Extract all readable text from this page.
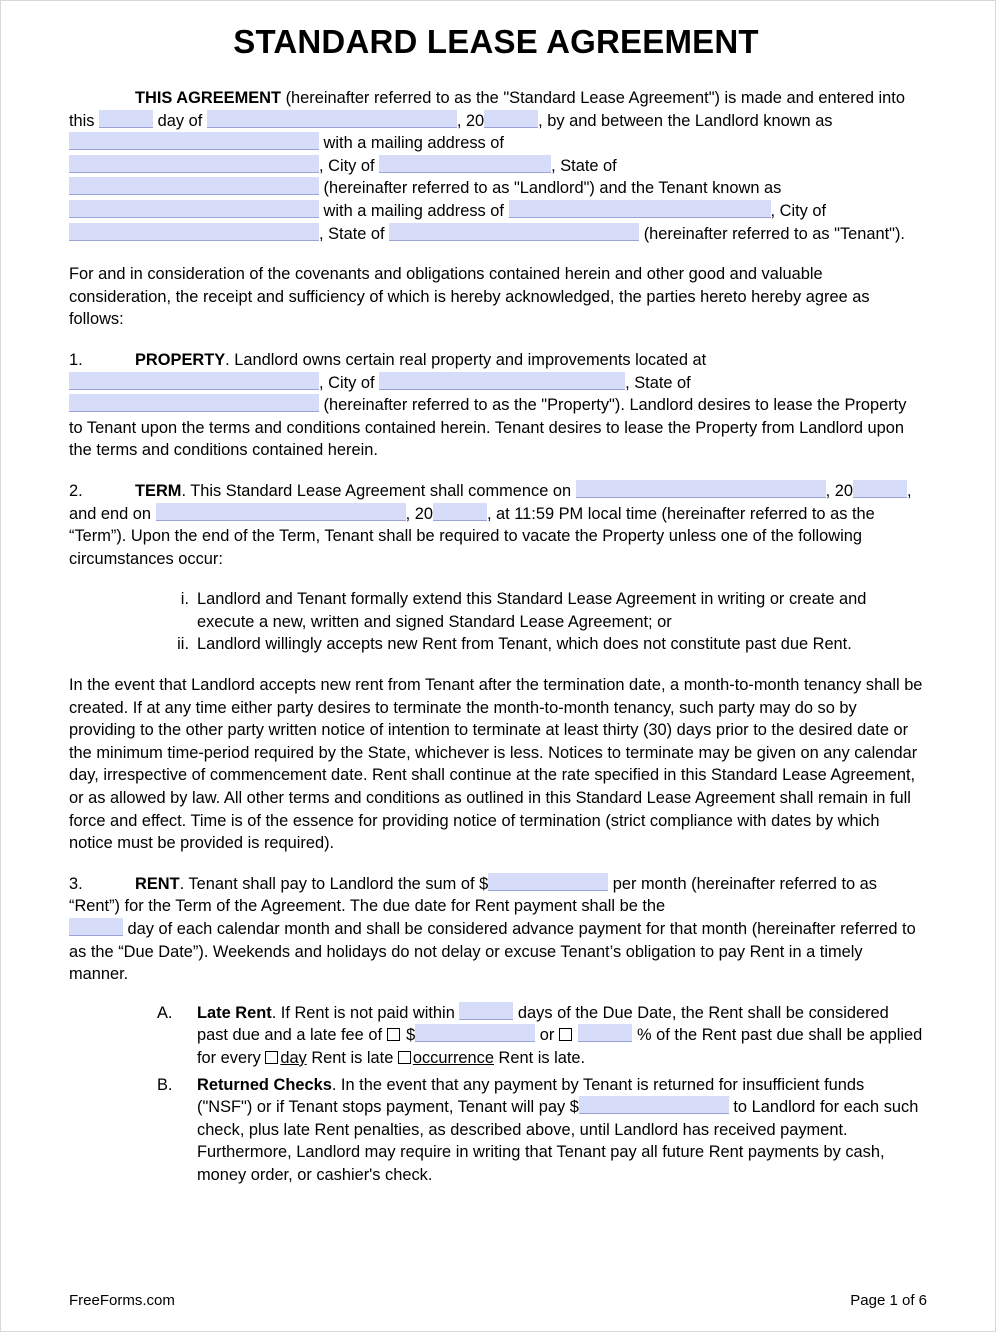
STANDARD LEASE AGREEMENT

THIS AGREEMENT (hereinafter referred to as the "Standard Lease Agreement") is made and entered into this	day of	, 20	, by and between the Landlord known as  with a mailing address of
, City of	, State of
(hereinafter referred to as "Landlord") and the Tenant known as
with a mailing address of	, City of
, State of	(hereinafter referred to as "Tenant").

For and in consideration of the covenants and obligations contained herein and other good and valuable consideration, the receipt and sufficiency of which is hereby acknowledged, the parties hereto hereby agree as follows:

1.	PROPERTY. Landlord owns certain real property and improvements located at
, City of	, State of
(hereinafter referred to as the "Property"). Landlord desires to lease the Property to Tenant upon the terms and conditions contained herein. Tenant desires to lease the Property from Landlord upon the terms and conditions contained herein.

2.	TERM. This Standard Lease Agreement shall commence on	, 20	, and end on	, 20	, at 11:59 PM local time (hereinafter referred to as the “Term”). Upon the end of the Term, Tenant shall be required to vacate the Property unless one of the following circumstances occur:

i. Landlord and Tenant formally extend this Standard Lease Agreement in writing or create and execute a new, written and signed Standard Lease Agreement; or
ii. Landlord willingly accepts new Rent from Tenant, which does not constitute past due Rent.

In the event that Landlord accepts new rent from Tenant after the termination date, a month-to-month tenancy shall be created. If at any time either party desires to terminate the month-to-month tenancy, such party may do so by providing to the other party written notice of intention to terminate at least thirty (30) days prior to the desired date or the minimum time-period required by the State, whichever is less. Notices to terminate may be given on any calendar day, irrespective of commencement date. Rent shall continue at the rate specified in this Standard Lease Agreement, or as allowed by law. All other terms and conditions as outlined in this Standard Lease Agreement shall remain in full force and effect. Time is of the essence for providing notice of termination (strict compliance with dates by which notice must be provided is required).

3.	RENT. Tenant shall pay to Landlord the sum of $	per month (hereinafter referred to as “Rent”) for the Term of the Agreement. The due date for Rent payment shall be the
day of each calendar month and shall be considered advance payment for that month (hereinafter referred to as the “Due Date”). Weekends and holidays do not delay or excuse Tenant’s obligation to pay Rent in a timely manner.

A.	Late Rent. If Rent is not paid within	days of the Due Date, the Rent shall be considered past due and a late fee of  $	or	% of the Rent past due shall be applied for every day Rent is late occurrence Rent is late.
B.	Returned Checks. In the event that any payment by Tenant is returned for insufficient funds ("NSF") or if Tenant stops payment, Tenant will pay $	to Landlord for each such check, plus late Rent penalties, as described above, until Landlord has received payment. Furthermore, Landlord may require in writing that Tenant pay all future Rent payments by cash, money order, or cashier's check.
FreeForms.com	Page 1 of 6
